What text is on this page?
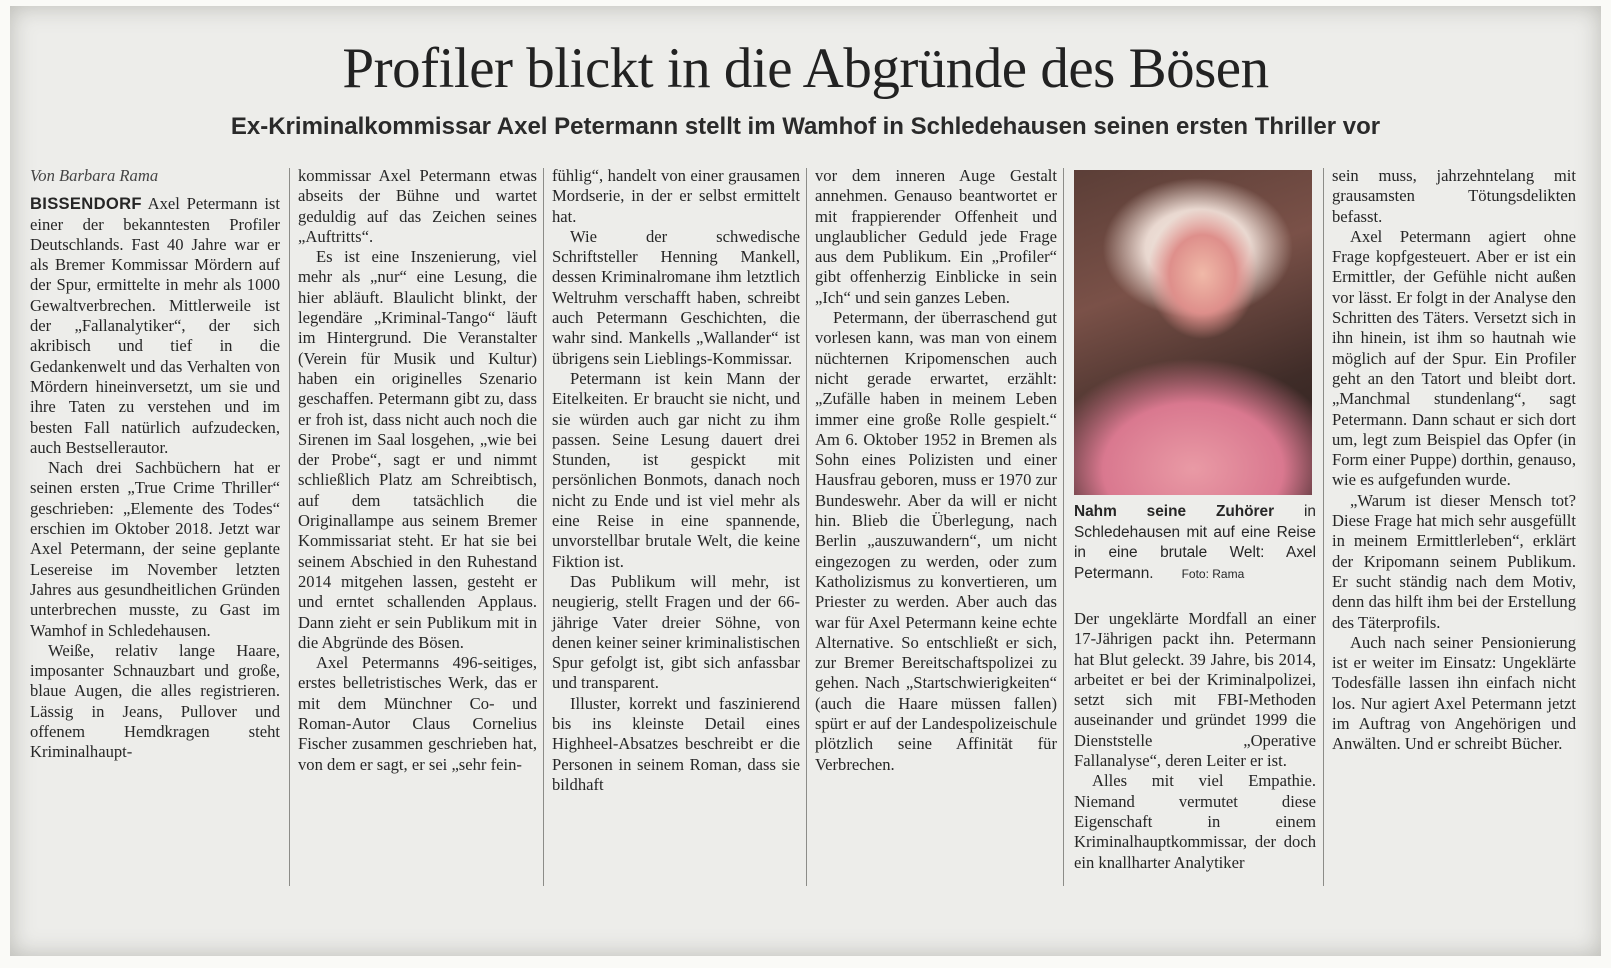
Profiler blickt in die Abgründe des Bösen
Ex-Kriminalkommissar Axel Petermann stellt im Wamhof in Schledehausen seinen ersten Thriller vor

Von Barbara Rama

BISSENDORF Axel Petermann ist einer der bekanntesten Profiler Deutschlands. Fast 40 Jahre war er als Bremer Kommissar Mördern auf der Spur, ermittelte in mehr als 1000 Gewaltverbrechen. Mittlerweile ist der „Fallanalytiker“, der sich akribisch und tief in die Gedankenwelt und das Verhalten von Mördern hineinversetzt, um sie und ihre Taten zu verstehen und im besten Fall natürlich aufzudecken, auch Bestsellerautor.

Nach drei Sachbüchern hat er seinen ersten „True Crime Thriller“ geschrieben: „Elemente des Todes“ erschien im Oktober 2018. Jetzt war Axel Petermann, der seine geplante Lesereise im November letzten Jahres aus gesundheitlichen Gründen unterbrechen musste, zu Gast im Wamhof in Schledehausen.

Weiße, relativ lange Haare, imposanter Schnauzbart und große, blaue Augen, die alles registrieren. Lässig in Jeans, Pullover und offenem Hemdkragen steht Kriminalhaupt-

kommissar Axel Petermann etwas abseits der Bühne und wartet geduldig auf das Zeichen seines „Auftritts“.

Es ist eine Inszenierung, viel mehr als „nur“ eine Lesung, die hier abläuft. Blaulicht blinkt, der legendäre „Kriminal-Tango“ läuft im Hintergrund. Die Veranstalter (Verein für Musik und Kultur) haben ein originelles Szenario geschaffen. Petermann gibt zu, dass er froh ist, dass nicht auch noch die Sirenen im Saal losgehen, „wie bei der Probe“, sagt er und nimmt schließlich Platz am Schreibtisch, auf dem tatsächlich die Originallampe aus seinem Bremer Kommissariat steht. Er hat sie bei seinem Abschied in den Ruhestand 2014 mitgehen lassen, gesteht er und erntet schallenden Applaus. Dann zieht er sein Publikum mit in die Abgründe des Bösen.

Axel Petermanns 496-seitiges, erstes belletristisches Werk, das er mit dem Münchner Co- und Roman-Autor Claus Cornelius Fischer zusammen geschrieben hat, von dem er sagt, er sei „sehr fein-

fühlig“, handelt von einer grausamen Mordserie, in der er selbst ermittelt hat.

Wie der schwedische Schriftsteller Henning Mankell, dessen Kriminalromane ihm letztlich Weltruhm verschafft haben, schreibt auch Petermann Geschichten, die wahr sind. Mankells „Wallander“ ist übrigens sein Lieblings-Kommissar.

Petermann ist kein Mann der Eitelkeiten. Er braucht sie nicht, und sie würden auch gar nicht zu ihm passen. Seine Lesung dauert drei Stunden, ist gespickt mit persönlichen Bonmots, danach noch nicht zu Ende und ist viel mehr als eine Reise in eine spannende, unvorstellbar brutale Welt, die keine Fiktion ist.

Das Publikum will mehr, ist neugierig, stellt Fragen und der 66-jährige Vater dreier Söhne, von denen keiner seiner kriminalistischen Spur gefolgt ist, gibt sich anfassbar und transparent.

Illuster, korrekt und faszinierend bis ins kleinste Detail eines Highheel-Absatzes beschreibt er die Personen in seinem Roman, dass sie bildhaft

vor dem inneren Auge Gestalt annehmen. Genauso beantwortet er mit frappierender Offenheit und unglaublicher Geduld jede Frage aus dem Publikum. Ein „Profiler“ gibt offenherzig Einblicke in sein „Ich“ und sein ganzes Leben.

Petermann, der überraschend gut vorlesen kann, was man von einem nüchternen Kripomenschen auch nicht gerade erwartet, erzählt: „Zufälle haben in meinem Leben immer eine große Rolle gespielt.“ Am 6. Oktober 1952 in Bremen als Sohn eines Polizisten und einer Hausfrau geboren, muss er 1970 zur Bundeswehr. Aber da will er nicht hin. Blieb die Überlegung, nach Berlin „auszuwandern“, um nicht eingezogen zu werden, oder zum Katholizismus zu konvertieren, um Priester zu werden. Aber auch das war für Axel Petermann keine echte Alternative. So entschließt er sich, zur Bremer Bereitschaftspolizei zu gehen. Nach „Startschwierigkeiten“ (auch die Haare müssen fallen) spürt er auf der Landespolizeischule plötzlich seine Affinität für Verbrechen.

Nahm seine Zuhörer in Schledehausen mit auf eine Reise in eine brutale Welt: Axel Petermann. Foto: Rama

Der ungeklärte Mordfall an einer 17-Jährigen packt ihn. Petermann hat Blut geleckt. 39 Jahre, bis 2014, arbeitet er bei der Kriminalpolizei, setzt sich mit FBI-Methoden auseinander und gründet 1999 die Dienststelle „Operative Fallanalyse“, deren Leiter er ist.

Alles mit viel Empathie. Niemand vermutet diese Eigenschaft in einem Kriminalhauptkommissar, der doch ein knallharter Analytiker

sein muss, jahrzehntelang mit grausamsten Tötungsdelikten befasst.

Axel Petermann agiert ohne Frage kopfgesteuert. Aber er ist ein Ermittler, der Gefühle nicht außen vor lässt. Er folgt in der Analyse den Schritten des Täters. Versetzt sich in ihn hinein, ist ihm so hautnah wie möglich auf der Spur. Ein Profiler geht an den Tatort und bleibt dort. „Manchmal stundenlang“, sagt Petermann. Dann schaut er sich dort um, legt zum Beispiel das Opfer (in Form einer Puppe) dorthin, genauso, wie es aufgefunden wurde.

„Warum ist dieser Mensch tot? Diese Frage hat mich sehr ausgefüllt in meinem Ermittlerleben“, erklärt der Kripomann seinem Publikum. Er sucht ständig nach dem Motiv, denn das hilft ihm bei der Erstellung des Täterprofils.

Auch nach seiner Pensionierung ist er weiter im Einsatz: Ungeklärte Todesfälle lassen ihn einfach nicht los. Nur agiert Axel Petermann jetzt im Auftrag von Angehörigen und Anwälten. Und er schreibt Bücher.
